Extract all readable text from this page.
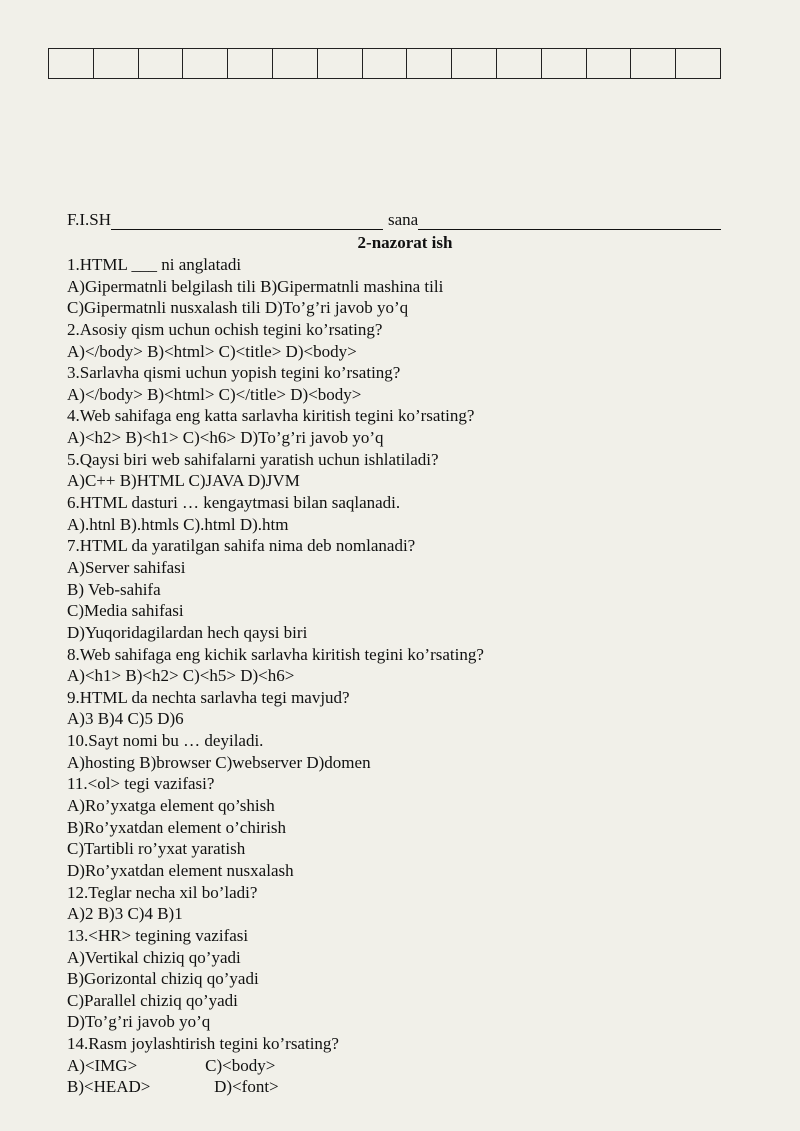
F.I.SH	sana
2-nazorat ish
1.HTML ___ ni anglatadi
A)Gipermatnli belgilash tili B)Gipermatnli mashina tili
C)Gipermatnli nusxalash tili D)To’g’ri javob yo’q
2.Asosiy qism uchun ochish tegini ko’rsating?
A)</body> B)<html> C)<title> D)<body>
3.Sarlavha qismi uchun yopish tegini ko’rsating?
A)</body> B)<html> C)</title> D)<body>
4.Web sahifaga eng katta sarlavha kiritish tegini ko’rsating?
A)<h2> B)<h1> C)<h6> D)To’g’ri javob yo’q
5.Qaysi biri web sahifalarni yaratish uchun ishlatiladi?
A)C++ B)HTML C)JAVA D)JVM
6.HTML dasturi … kengaytmasi bilan saqlanadi.
A).htnl B).htmls C).html D).htm
7.HTML da yaratilgan sahifa nima deb nomlanadi?
A)Server sahifasi
B) Veb-sahifa
C)Media sahifasi
D)Yuqoridagilardan hech qaysi biri
8.Web sahifaga eng kichik sarlavha kiritish tegini ko’rsating?
A)<h1> B)<h2> C)<h5> D)<h6>
9.HTML da nechta sarlavha tegi mavjud?
A)3 B)4 C)5 D)6
10.Sayt nomi bu … deyiladi.
A)hosting B)browser C)webserver D)domen
11.<ol> tegi vazifasi?
A)Ro’yxatga element qo’shish
B)Ro’yxatdan element o’chirish
C)Tartibli ro’yxat yaratish
D)Ro’yxatdan element nusxalash
12.Teglar necha xil bo’ladi?
A)2 B)3 C)4 B)1
13.<HR> tegining vazifasi
A)Vertikal chiziq qo’yadi
B)Gorizontal chiziq qo’yadi
C)Parallel chiziq qo’yadi
D)To’g’ri javob yo’q
14.Rasm joylashtirish tegini ko’rsating?
A)<IMG>                C)<body>
B)<HEAD>               D)<font>
